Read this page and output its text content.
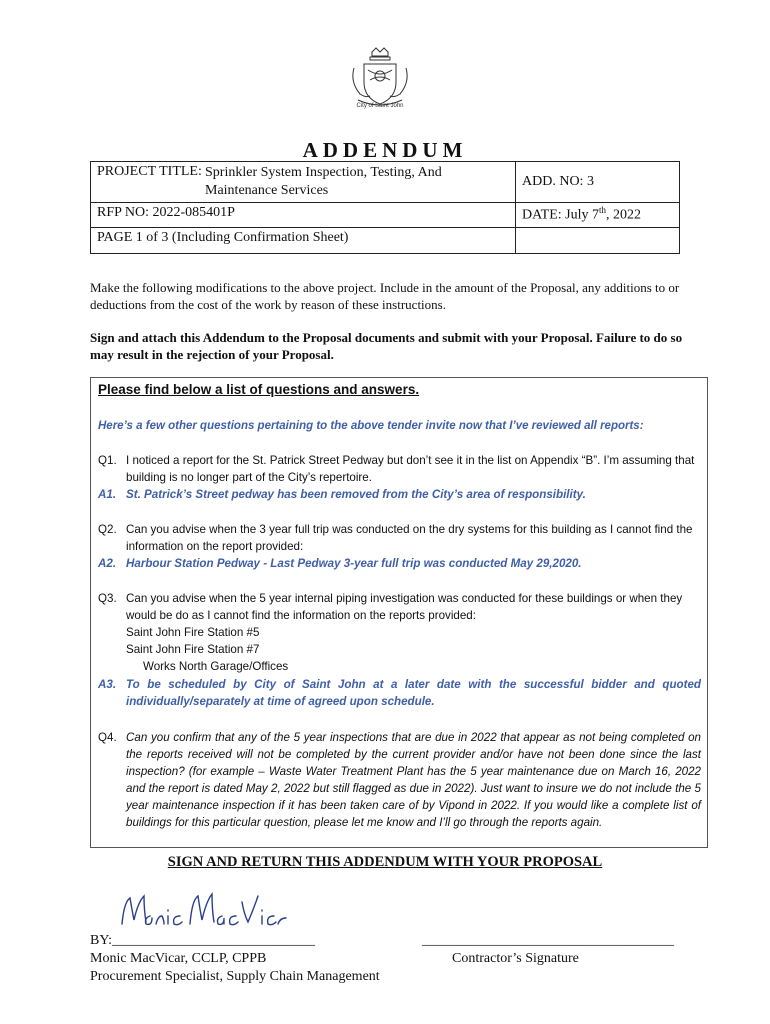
City of Saint John
ADDENDUM
PROJECT TITLE: Sprinkler System Inspection, Testing, And Maintenance Services	ADD. NO: 3
RFP NO: 2022-085401P	DATE: July 7th, 2022
PAGE 1 of 3 (Including Confirmation Sheet)	
Make the following modifications to the above project. Include in the amount of the Proposal, any additions to or deductions from the cost of the work by reason of these instructions.
Sign and attach this Addendum to the Proposal documents and submit with your Proposal. Failure to do so may result in the rejection of your Proposal.
Please find below a list of questions and answers.
Here’s a few other questions pertaining to the above tender invite now that I’ve reviewed all reports:
Q1. I noticed a report for the St. Patrick Street Pedway but don’t see it in the list on Appendix “B”. I’m assuming that building is no longer part of the City’s repertoire.
A1. St. Patrick’s Street pedway has been removed from the City’s area of responsibility.
Q2. Can you advise when the 3 year full trip was conducted on the dry systems for this building as I cannot find the information on the report provided:
A2. Harbour Station Pedway - Last Pedway 3-year full trip was conducted May 29,2020.
Q3. Can you advise when the 5 year internal piping investigation was conducted for these buildings or when they would be do as I cannot find the information on the reports provided:
Saint John Fire Station #5
Saint John Fire Station #7
Works North Garage/Offices
A3. To be scheduled by City of Saint John at a later date with the successful bidder and quoted individually/separately at time of agreed upon schedule.
Q4. Can you confirm that any of the 5 year inspections that are due in 2022 that appear as not being completed on the reports received will not be completed by the current provider and/or have not been done since the last inspection? (for example – Waste Water Treatment Plant has the 5 year maintenance due on March 16, 2022 and the report is dated May 2, 2022 but still flagged as due in 2022). Just want to insure we do not include the 5 year maintenance inspection if it has been taken care of by Vipond in 2022. If you would like a complete list of buildings for this particular question, please let me know and I’ll go through the reports again.
SIGN AND RETURN THIS ADDENDUM WITH YOUR PROPOSAL
BY:_____________________________
Monic MacVicar, CCLP, CPPB
Procurement Specialist, Supply Chain Management
____________________________________
Contractor’s Signature
